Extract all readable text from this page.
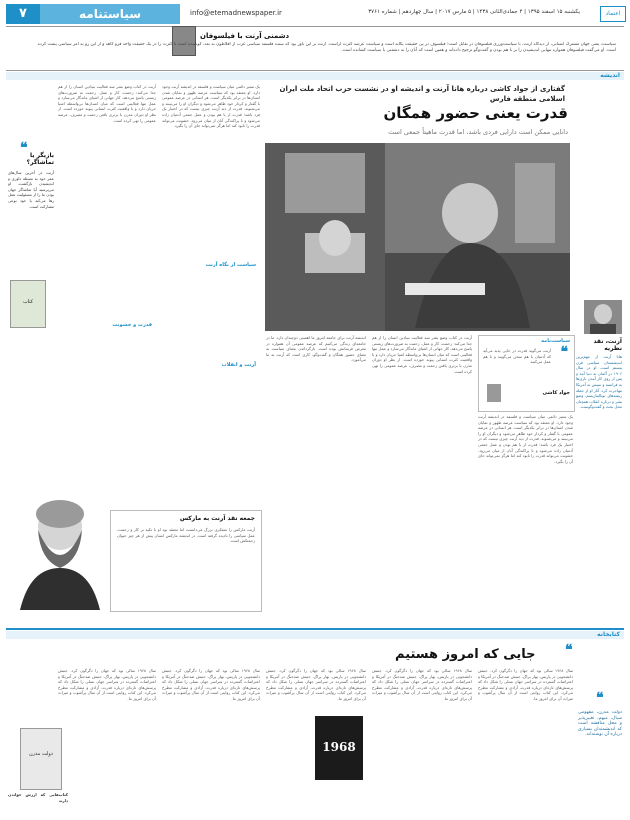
۷	سیاستنامه	info@etemadnewspaper.ir	یکشنبه ۱۵ اسفند ۱۳۹۵ | ۴ جمادی‌الثانی ۱۴۳۸ | ۵ مارس ۲۰۱۷ | سال چهاردهم | شماره ۳۷۶۱	اعتماد
دشمنی آرنت با فیلسوفان
سیاست، یعنی جهان مشترک انسانی، از دیدگاه آرنت، با سیاست‌ورزی فیلسوفان در تقابل است؛ فیلسوف در پی حقیقت یگانه است و سیاست عرصه کثرت آراست. آرنت بر این باور بود که سنت فلسفه سیاسی غرب از افلاطون به بعد، کوشیده است تا کثرت را در یک حقیقت واحد فرو کاهد و از این رو به امر سیاسی پشت کرده است. او می‌گفت فیلسوفان همواره تنهایی اندیشیدن را بر با هم بودن و گفت‌وگو ترجیح داده‌اند و همین است که آنان را به دشمنی با سیاست کشانده است.
اندیشه
گفتاری از جواد کاشی درباره هانا آرنت و اندیشه او در نشست حزب اتحاد ملت ایران اسلامی منطقه فارس
قدرت یعنی حضور همگان
دانایی ممکن است دارایی فردی باشد، اما قدرت ماهیتاً جمعی است
آرنت، نقد نظریه
هانا آرنت از مهم‌ترین اندیشمندان سیاسی قرن بیستم است. او در سال ۱۹۰۶ در آلمان به دنیا آمد و پس از روی کار آمدن نازی‌ها به فرانسه و سپس به آمریکا مهاجرت کرد. آثار او از جمله ریشه‌های توتالیتاریسم، وضع بشر و درباره انقلاب همچنان محل بحث و گفت‌وگوست.
سیاست‌نامه
❝
آرنت می‌گوید قدرت در جایی پدید می‌آید که آدمیان با هم سخن می‌گویند و با هم عمل می‌کنند.
جواد کاشی
یک ستیز دائمی میان سیاست و فلسفه در اندیشه آرنت وجود دارد. او معتقد بود که سیاست عرصه ظهور و نمایان شدن انسان‌ها در برابر یکدیگر است. هر انسانی در عرصه عمومی با گفتار و کردار خود ظاهر می‌شود و دیگران او را می‌بینند و می‌شنوند. قدرت از دید آرنت چیزی نیست که در اختیار یک فرد باشد؛ قدرت از با هم بودن و عمل جمعی آدمیان زاده می‌شود و با پراکندگی آنان از میان می‌رود. خشونت می‌تواند قدرت را نابود کند اما هرگز نمی‌تواند جای آن را بگیرد.
آرنت در کتاب وضع بشر سه فعالیت بنیادین انسان را از هم جدا می‌کند: زحمت، کار و عمل. زحمت به ضرورت‌های زیستی پاسخ می‌دهد، کار جهانی از اشیای ماندگار می‌سازد و عمل تنها فعالیتی است که میان انسان‌ها بی‌واسطه اشیا جریان دارد و با واقعیت کثرت انسانی پیوند خورده است. از نظر او دوران مدرن با برتری یافتن زحمت و مصرف، عرصه عمومی را تهی کرده است.
اندیشه آرنت برای جامعه امروز ما اهمیتی دوچندان دارد. ما در جامعه‌ای زندگی می‌کنیم که عرصه عمومی آن همواره در معرض فرسایش بوده است. بازگرداندن معنای سیاست به معنای حضور همگان و گفت‌وگو، کاری است که آرنت به ما می‌آموزد.
یک ستیز دائمی میان سیاست و فلسفه در اندیشه آرنت وجود دارد. او معتقد بود که سیاست عرصه ظهور و نمایان شدن انسان‌ها در برابر یکدیگر است. هر انسانی در عرصه عمومی با گفتار و کردار خود ظاهر می‌شود و دیگران او را می‌بینند و می‌شنوند. قدرت از دید آرنت چیزی نیست که در اختیار یک فرد باشد؛ قدرت از با هم بودن و عمل جمعی آدمیان زاده می‌شود و با پراکندگی آنان از میان می‌رود. خشونت می‌تواند قدرت را نابود کند اما هرگز نمی‌تواند جای آن را بگیرد.
آرنت در کتاب وضع بشر سه فعالیت بنیادین انسان را از هم جدا می‌کند: زحمت، کار و عمل. زحمت به ضرورت‌های زیستی پاسخ می‌دهد، کار جهانی از اشیای ماندگار می‌سازد و عمل تنها فعالیتی است که میان انسان‌ها بی‌واسطه اشیا جریان دارد و با واقعیت کثرت انسانی پیوند خورده است. از نظر او دوران مدرن با برتری یافتن زحمت و مصرف، عرصه عمومی را تهی کرده است.
سیاست از نگاه آرنت
آرنت و انقلاب
قدرت و خشونت
❝ بازیگر یا تماشاگر؟
آرنت در آخرین سال‌های عمر خود به مسئله داوری و اندیشیدن بازگشت. او می‌پرسید آیا تماشاگر جهان بودن ما را از مسئولیت عمل رها می‌کند یا خود نوعی مشارکت است.
کتاب
جمعه نقد آرنت به مارکس
آرنت مارکس را متفکری بزرگ می‌دانست اما معتقد بود او با تکیه بر کار و زحمت، عمل سیاسی را نادیده گرفته است. در اندیشه مارکس انسان پیش از هر چیز حیوان زحمتکش است.
کتابخانه
❝
جایی که امروز هستیم
❝
دولت مدرن، مفهومی سیال، مبهم، تغییرپذیر و محل مناقشه است که اندیشمندان بسیاری درباره آن نوشته‌اند.
سال ۱۹۶۸ سالی بود که جهان را دگرگون کرد. جنبش دانشجویی در پاریس، بهار پراگ، جنبش ضدجنگ در آمریکا و اعتراضات گسترده در سراسر جهان نسلی را شکل داد که پرسش‌های تازه‌ای درباره قدرت، آزادی و مشارکت مطرح می‌کرد. این کتاب روایتی است از آن سال پرآشوب و میراث آن برای امروز ما.
سال ۱۹۶۸ سالی بود که جهان را دگرگون کرد. جنبش دانشجویی در پاریس، بهار پراگ، جنبش ضدجنگ در آمریکا و اعتراضات گسترده در سراسر جهان نسلی را شکل داد که پرسش‌های تازه‌ای درباره قدرت، آزادی و مشارکت مطرح می‌کرد. این کتاب روایتی است از آن سال پرآشوب و میراث آن برای امروز ما.
سال ۱۹۶۸ سالی بود که جهان را دگرگون کرد. جنبش دانشجویی در پاریس، بهار پراگ، جنبش ضدجنگ در آمریکا و اعتراضات گسترده در سراسر جهان نسلی را شکل داد که پرسش‌های تازه‌ای درباره قدرت، آزادی و مشارکت مطرح می‌کرد. این کتاب روایتی است از آن سال پرآشوب و میراث آن برای امروز ما.
سال ۱۹۶۸ سالی بود که جهان را دگرگون کرد. جنبش دانشجویی در پاریس، بهار پراگ، جنبش ضدجنگ در آمریکا و اعتراضات گسترده در سراسر جهان نسلی را شکل داد که پرسش‌های تازه‌ای درباره قدرت، آزادی و مشارکت مطرح می‌کرد. این کتاب روایتی است از آن سال پرآشوب و میراث آن برای امروز ما.
سال ۱۹۶۸ سالی بود که جهان را دگرگون کرد. جنبش دانشجویی در پاریس، بهار پراگ، جنبش ضدجنگ در آمریکا و اعتراضات گسترده در سراسر جهان نسلی را شکل داد که پرسش‌های تازه‌ای درباره قدرت، آزادی و مشارکت مطرح می‌کرد. این کتاب روایتی است از آن سال پرآشوب و میراث آن برای امروز ما.
1968
دولت مدرن
کتاب‌هایی که ارزش خواندن دارند
